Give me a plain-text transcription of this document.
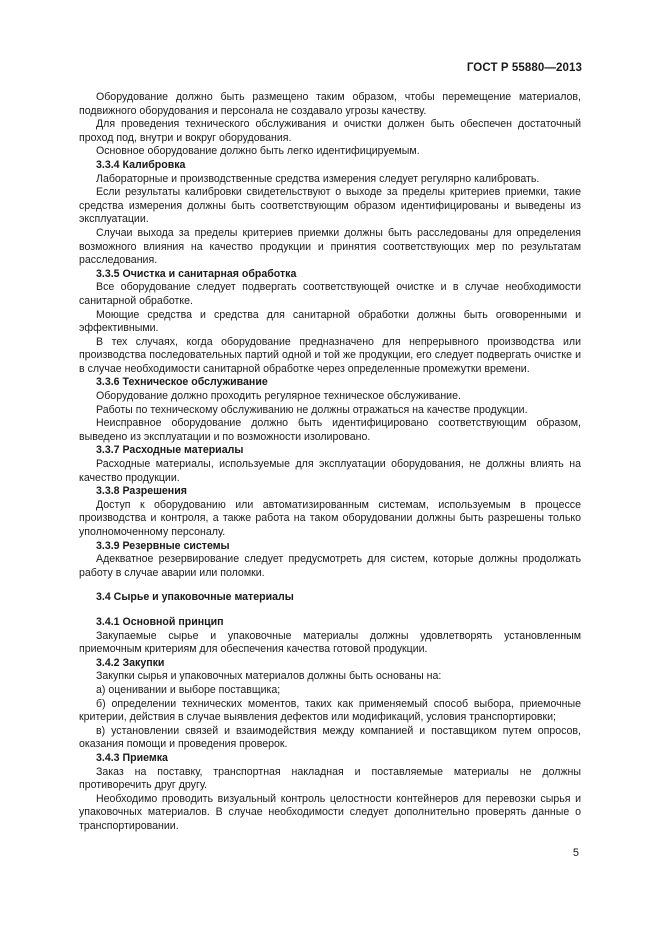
ГОСТ Р 55880—2013

Оборудование должно быть размещено таким образом, чтобы перемещение материалов, подвижного оборудования и персонала не создавало угрозы качеству.

Для проведения технического обслуживания и очистки должен быть обеспечен достаточный проход под, внутри и вокруг оборудования.

Основное оборудование должно быть легко идентифицируемым.

3.3.4 Калибровка

Лабораторные и производственные средства измерения следует регулярно калибровать.

Если результаты калибровки свидетельствуют о выходе за пределы критериев приемки, такие средства измерения должны быть соответствующим образом идентифицированы и выведены из эксплуатации.

Случаи выхода за пределы критериев приемки должны быть расследованы для определения возможного влияния на качество продукции и принятия соответствующих мер по результатам расследования.

3.3.5 Очистка и санитарная обработка

Все оборудование следует подвергать соответствующей очистке и в случае необходимости санитарной обработке.

Моющие средства и средства для санитарной обработки должны быть оговоренными и эффективными.

В тех случаях, когда оборудование предназначено для непрерывного производства или производства последовательных партий одной и той же продукции, его следует подвергать очистке и в случае необходимости санитарной обработке через определенные промежутки времени.

3.3.6 Техническое обслуживание

Оборудование должно проходить регулярное техническое обслуживание.

Работы по техническому обслуживанию не должны отражаться на качестве продукции.

Неисправное оборудование должно быть идентифицировано соответствующим образом, выведено из эксплуатации и по возможности изолировано.

3.3.7 Расходные материалы

Расходные материалы, используемые для эксплуатации оборудования, не должны влиять на качество продукции.

3.3.8 Разрешения

Доступ к оборудованию или автоматизированным системам, используемым в процессе производства и контроля, а также работа на таком оборудовании должны быть разрешены только уполномоченному персоналу.

3.3.9 Резервные системы

Адекватное резервирование следует предусмотреть для систем, которые должны продолжать работу в случае аварии или поломки.

3.4 Сырье и упаковочные материалы

3.4.1 Основной принцип

Закупаемые сырье и упаковочные материалы должны удовлетворять установленным приемочным критериям для обеспечения качества готовой продукции.

3.4.2 Закупки

Закупки сырья и упаковочных материалов должны быть основаны на:

а) оценивании и выборе поставщика;

б) определении технических моментов, таких как применяемый способ выбора, приемочные критерии, действия в случае выявления дефектов или модификаций, условия транспортировки;

в) установлении связей и взаимодействия между компанией и поставщиком путем опросов, оказания помощи и проведения проверок.

3.4.3 Приемка

Заказ на поставку, транспортная накладная и поставляемые материалы не должны противоречить друг другу.

Необходимо проводить визуальный контроль целостности контейнеров для перевозки сырья и упаковочных материалов. В случае необходимости следует дополнительно проверять данные о транспортировании.

5
